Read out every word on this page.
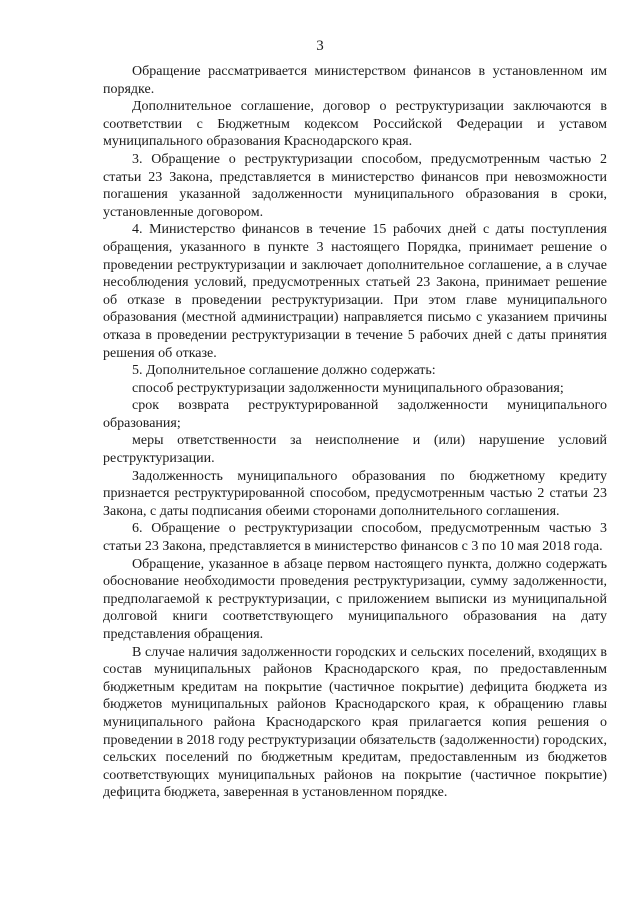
3

Обращение рассматривается министерством финансов в установленном им порядке.

Дополнительное соглашение, договор о реструктуризации заключаются в соответствии с Бюджетным кодексом Российской Федерации и уставом муниципального образования Краснодарского края.

3. Обращение о реструктуризации способом, предусмотренным частью 2 статьи 23 Закона, представляется в министерство финансов при невозможности погашения указанной задолженности муниципального образования в сроки, установленные договором.

4. Министерство финансов в течение 15 рабочих дней с даты поступления обращения, указанного в пункте 3 настоящего Порядка, принимает решение о проведении реструктуризации и заключает дополнительное соглашение, а в случае несоблюдения условий, предусмотренных статьей 23 Закона, принимает решение об отказе в проведении реструктуризации. При этом главе муниципального образования (местной администрации) направляется письмо с указанием причины отказа в проведении реструктуризации в течение 5 рабочих дней с даты принятия решения об отказе.

5. Дополнительное соглашение должно содержать:

способ реструктуризации задолженности муниципального образования;

срок возврата реструктурированной задолженности муниципального образования;

меры ответственности за неисполнение и (или) нарушение условий реструктуризации.

Задолженность муниципального образования по бюджетному кредиту признается реструктурированной способом, предусмотренным частью 2 статьи 23 Закона, с даты подписания обеими сторонами дополнительного соглашения.

6. Обращение о реструктуризации способом, предусмотренным частью 3 статьи 23 Закона, представляется в министерство финансов с 3 по 10 мая 2018 года.

Обращение, указанное в абзаце первом настоящего пункта, должно содержать обоснование необходимости проведения реструктуризации, сумму задолженности, предполагаемой к реструктуризации, с приложением выписки из муниципальной долговой книги соответствующего муниципального образования на дату представления обращения.

В случае наличия задолженности городских и сельских поселений, входящих в состав муниципальных районов Краснодарского края, по предоставленным бюджетным кредитам на покрытие (частичное покрытие) дефицита бюджета из бюджетов муниципальных районов Краснодарского края, к обращению главы муниципального района Краснодарского края прилагается копия решения о проведении в 2018 году реструктуризации обязательств (задолженности) городских, сельских поселений по бюджетным кредитам, предоставленным из бюджетов соответствующих муниципальных районов на покрытие (частичное покрытие) дефицита бюджета, заверенная в установленном порядке.
